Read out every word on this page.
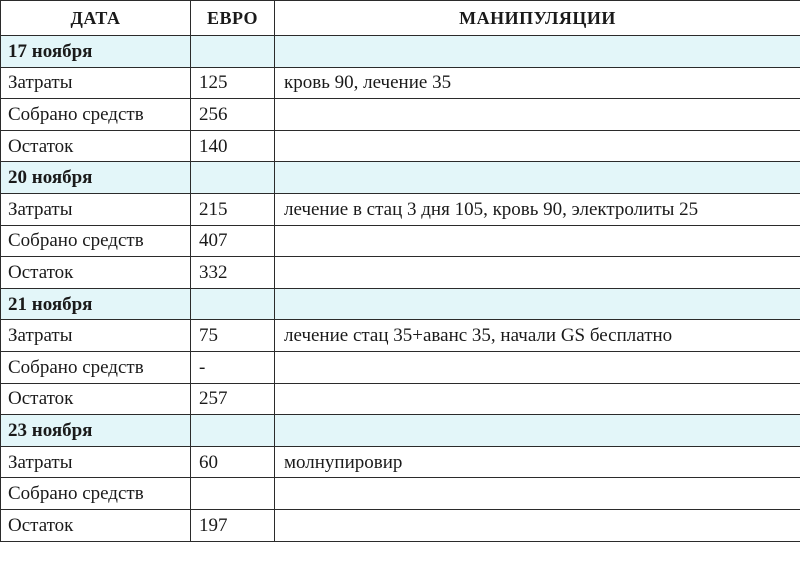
ДАТА	ЕВРО	МАНИПУЛЯЦИИ
17 ноября		
Затраты	125	кровь 90, лечение 35
Собрано средств	256	
Остаток	140	
20 ноября		
Затраты	215	лечение в стац 3 дня 105, кровь 90, электролиты 25
Собрано средств	407	
Остаток	332	
21 ноября		
Затраты	75	лечение стац 35+аванс 35, начали GS бесплатно
Собрано средств	-	
Остаток	257	
23 ноября		
Затраты	60	молнупировир
Собрано средств		
Остаток	197	
